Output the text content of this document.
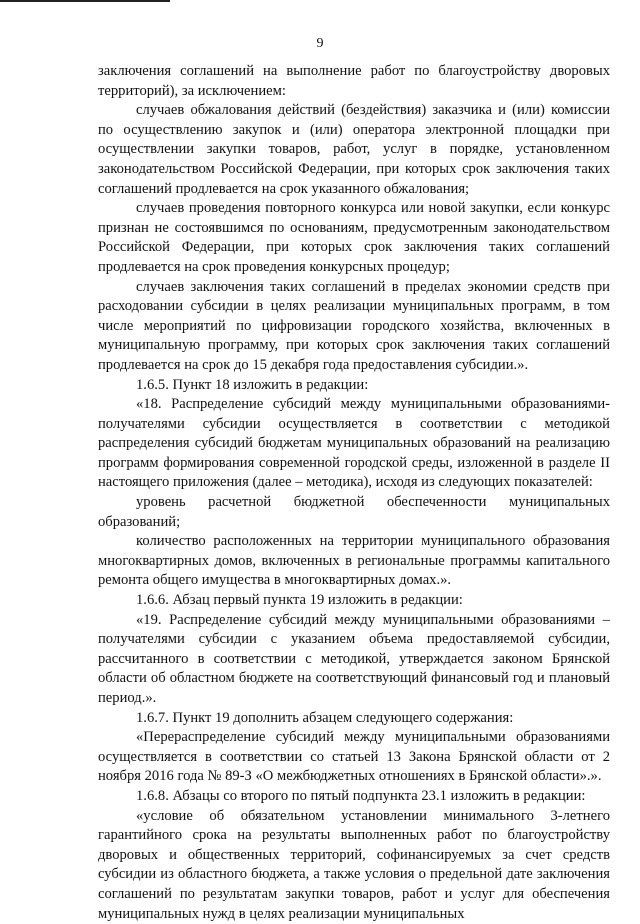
9

заключения соглашений на выполнение работ по благоустройству дворовых территорий), за исключением:

случаев обжалования действий (бездействия) заказчика и (или) комиссии по осуществлению закупок и (или) оператора электронной площадки при осуществлении закупки товаров, работ, услуг в порядке, установленном законодательством Российской Федерации, при которых срок заключения таких соглашений продлевается на срок указанного обжалования;

случаев проведения повторного конкурса или новой закупки, если конкурс признан не состоявшимся по основаниям, предусмотренным законодательством Российской Федерации, при которых срок заключения таких соглашений продлевается на срок проведения конкурсных процедур;

случаев заключения таких соглашений в пределах экономии средств при расходовании субсидии в целях реализации муниципальных программ, в том числе мероприятий по цифровизации городского хозяйства, включенных в муниципальную программу, при которых срок заключения таких соглашений продлевается на срок до 15 декабря года предоставления субсидии.».

1.6.5. Пункт 18 изложить в редакции:

«18. Распределение субсидий между муниципальными образованиями-получателями субсидии осуществляется в соответствии с методикой распределения субсидий бюджетам муниципальных образований на реализацию программ формирования современной городской среды, изложенной в разделе II настоящего приложения (далее – методика), исходя из следующих показателей:

уровень расчетной бюджетной обеспеченности муниципальных образований;

количество расположенных на территории муниципального образования многоквартирных домов, включенных в региональные программы капитального ремонта общего имущества в многоквартирных домах.».

1.6.6. Абзац первый пункта 19 изложить в редакции:

«19. Распределение субсидий между муниципальными образованиями – получателями субсидии с указанием объема предоставляемой субсидии, рассчитанного в соответствии с методикой, утверждается законом Брянской области об областном бюджете на соответствующий финансовый год и плановый период.».

1.6.7. Пункт 19 дополнить абзацем следующего содержания:

«Перераспределение субсидий между муниципальными образованиями осуществляется в соответствии со статьей 13 Закона Брянской области от 2 ноября 2016 года № 89-З «О межбюджетных отношениях в Брянской области».».

1.6.8. Абзацы со второго по пятый подпункта 23.1 изложить в редакции:

«условие об обязательном установлении минимального 3-летнего гарантийного срока на результаты выполненных работ по благоустройству дворовых и общественных территорий, софинансируемых за счет средств субсидии из областного бюджета, а также условия о предельной дате заключения соглашений по результатам закупки товаров, работ и услуг для обеспечения муниципальных нужд в целях реализации муниципальных
